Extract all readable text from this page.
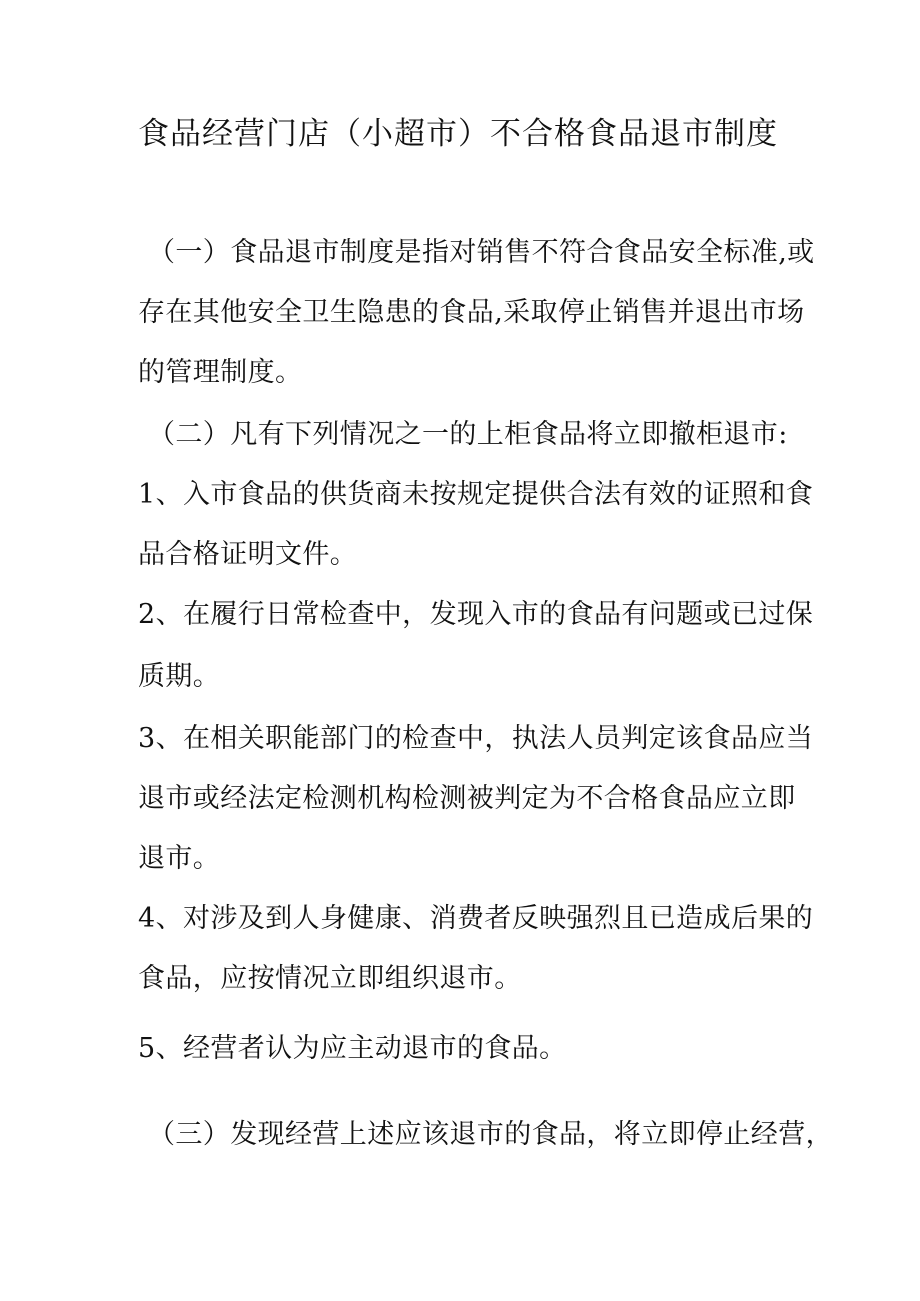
食品经营门店（小超市）不合格食品退市制度
（一）食品退市制度是指对销售不符合食品安全标准,或
存在其他安全卫生隐患的食品,采取停止销售并退出市场
的管理制度。
（二）凡有下列情况之一的上柜食品将立即撤柜退市:
1、入市食品的供货商未按规定提供合法有效的证照和食
品合格证明文件。
2、在履行日常检查中，发现入市的食品有问题或已过保
质期。
3、在相关职能部门的检查中，执法人员判定该食品应当
退市或经法定检测机构检测被判定为不合格食品应立即
退市。
4、对涉及到人身健康、消费者反映强烈且已造成后果的
食品，应按情况立即组织退市。
5、经营者认为应主动退市的食品。
（三）发现经营上述应该退市的食品，将立即停止经营，
